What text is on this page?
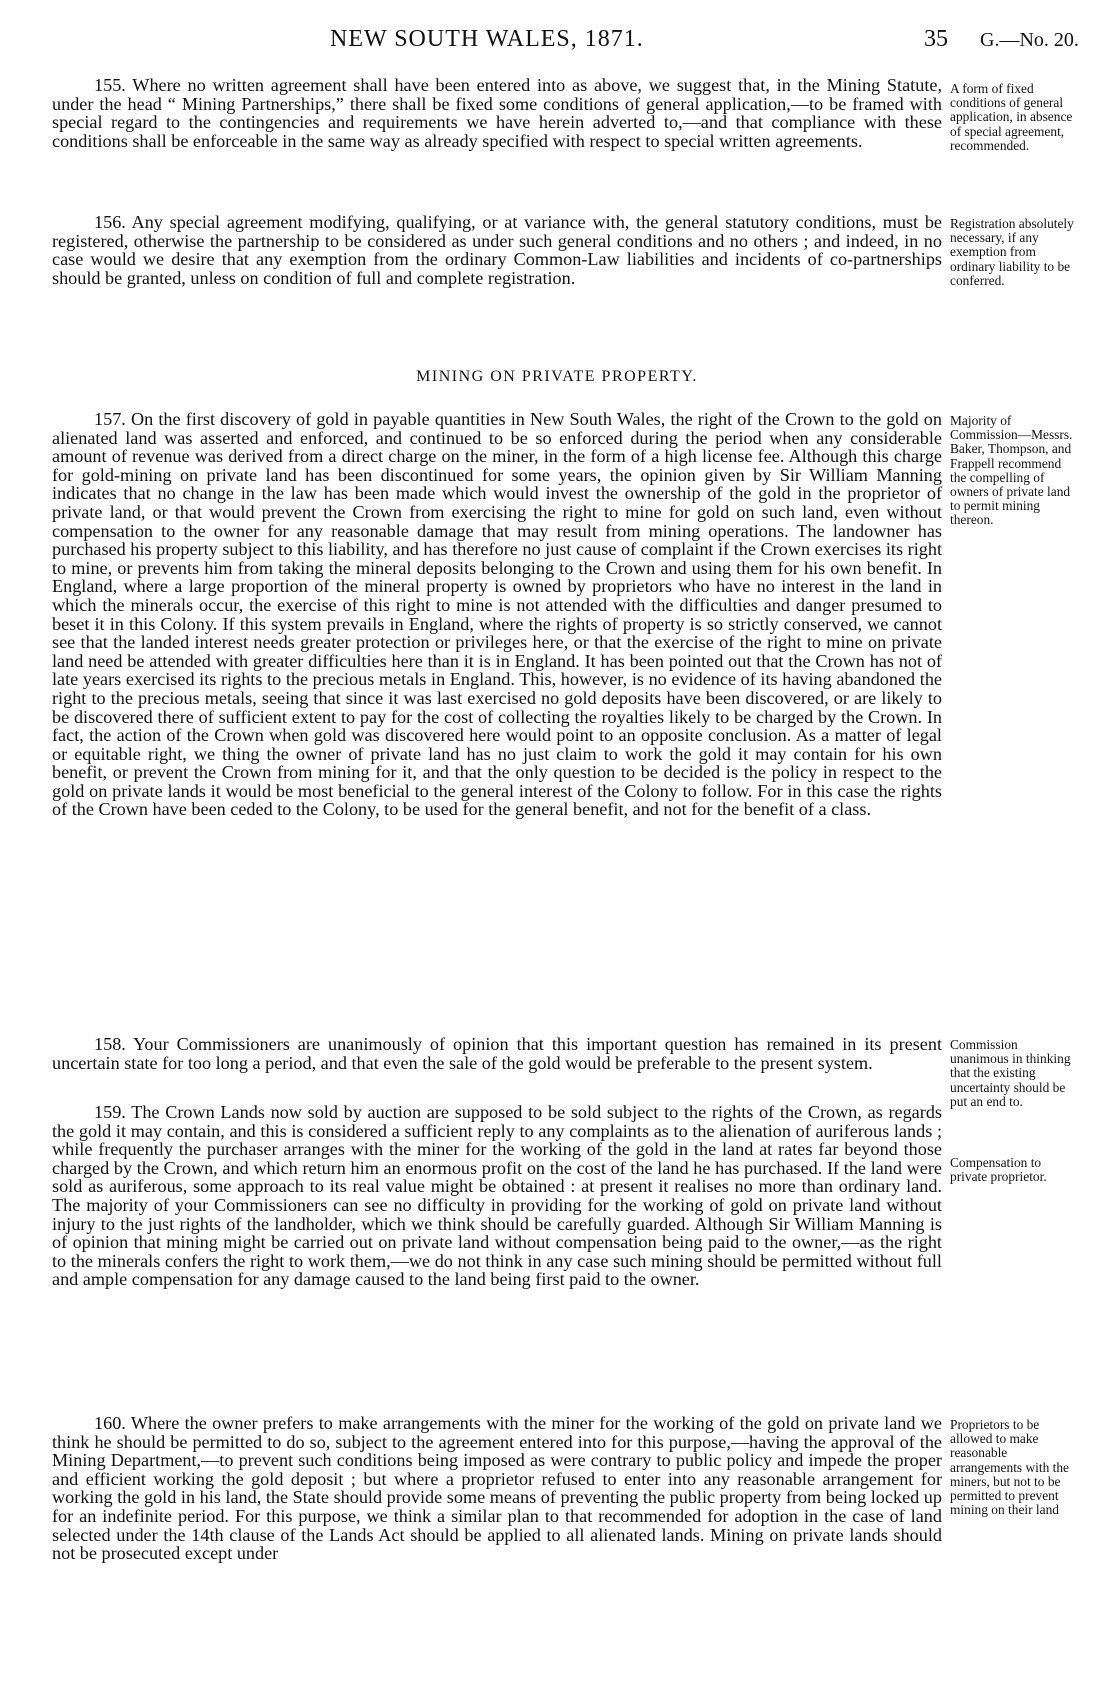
NEW SOUTH WALES, 1871.	35 G.—No. 20.
155. Where no written agreement shall have been entered into as above, we suggest that, in the Mining Statute, under the head “ Mining Partnerships,” there shall be fixed some conditions of general application,—to be framed with special regard to the contingencies and requirements we have herein adverted to,—and that compliance with these conditions shall be enforceable in the same way as already specified with respect to special written agreements.
A form of fixed conditions of general application, in absence of special agreement, recommended.
156. Any special agreement modifying, qualifying, or at variance with, the general statutory conditions, must be registered, otherwise the partnership to be considered as under such general conditions and no others ; and indeed, in no case would we desire that any exemption from the ordinary Common-Law liabilities and incidents of co-partnerships should be granted, unless on condition of full and complete registration.
Registration absolutely necessary, if any exemption from ordinary liability to be conferred.
MINING ON PRIVATE PROPERTY.
157. On the first discovery of gold in payable quantities in New South Wales, the right of the Crown to the gold on alienated land was asserted and enforced, and continued to be so enforced during the period when any considerable amount of revenue was derived from a direct charge on the miner, in the form of a high license fee. Although this charge for gold-mining on private land has been discontinued for some years, the opinion given by Sir William Manning indicates that no change in the law has been made which would invest the ownership of the gold in the proprietor of private land, or that would prevent the Crown from exercising the right to mine for gold on such land, even without compensation to the owner for any reasonable damage that may result from mining operations. The landowner has purchased his property subject to this liability, and has therefore no just cause of complaint if the Crown exercises its right to mine, or prevents him from taking the mineral deposits belonging to the Crown and using them for his own benefit. In England, where a large proportion of the mineral property is owned by proprietors who have no interest in the land in which the minerals occur, the exercise of this right to mine is not attended with the difficulties and danger presumed to beset it in this Colony. If this system prevails in England, where the rights of property is so strictly conserved, we cannot see that the landed interest needs greater protection or privileges here, or that the exercise of the right to mine on private land need be attended with greater difficulties here than it is in England. It has been pointed out that the Crown has not of late years exercised its rights to the precious metals in England. This, however, is no evidence of its having abandoned the right to the precious metals, seeing that since it was last exercised no gold deposits have been discovered, or are likely to be discovered there of sufficient extent to pay for the cost of collecting the royalties likely to be charged by the Crown. In fact, the action of the Crown when gold was discovered here would point to an opposite conclusion. As a matter of legal or equitable right, we thing the owner of private land has no just claim to work the gold it may contain for his own benefit, or prevent the Crown from mining for it, and that the only question to be decided is the policy in respect to the gold on private lands it would be most beneficial to the general interest of the Colony to follow. For in this case the rights of the Crown have been ceded to the Colony, to be used for the general benefit, and not for the benefit of a class.
Majority of Commission—Messrs. Baker, Thompson, and Frappell recommend the compelling of owners of private land to permit mining thereon.
158. Your Commissioners are unanimously of opinion that this important question has remained in its present uncertain state for too long a period, and that even the sale of the gold would be preferable to the present system.
Commission unanimous in thinking that the existing uncertainty should be put an end to.
159. The Crown Lands now sold by auction are supposed to be sold subject to the rights of the Crown, as regards the gold it may contain, and this is considered a sufficient reply to any complaints as to the alienation of auriferous lands ; while frequently the purchaser arranges with the miner for the working of the gold in the land at rates far beyond those charged by the Crown, and which return him an enormous profit on the cost of the land he has purchased. If the land were sold as auriferous, some approach to its real value might be obtained : at present it realises no more than ordinary land. The majority of your Commissioners can see no difficulty in providing for the working of gold on private land without injury to the just rights of the landholder, which we think should be carefully guarded. Although Sir William Manning is of opinion that mining might be carried out on private land without compensation being paid to the owner,—as the right to the minerals confers the right to work them,—we do not think in any case such mining should be permitted without full and ample compensation for any damage caused to the land being first paid to the owner.
Compensation to private proprietor.
160. Where the owner prefers to make arrangements with the miner for the working of the gold on private land we think he should be permitted to do so, subject to the agreement entered into for this purpose,—having the approval of the Mining Department,—to prevent such conditions being imposed as were contrary to public policy and impede the proper and efficient working the gold deposit ; but where a proprietor refused to enter into any reasonable arrangement for working the gold in his land, the State should provide some means of preventing the public property from being locked up for an indefinite period. For this purpose, we think a similar plan to that recommended for adoption in the case of land selected under the 14th clause of the Lands Act should be applied to all alienated lands. Mining on private lands should not be prosecuted except under
Proprietors to be allowed to make reasonable arrangements with the miners, but not to be permitted to prevent mining on their land
